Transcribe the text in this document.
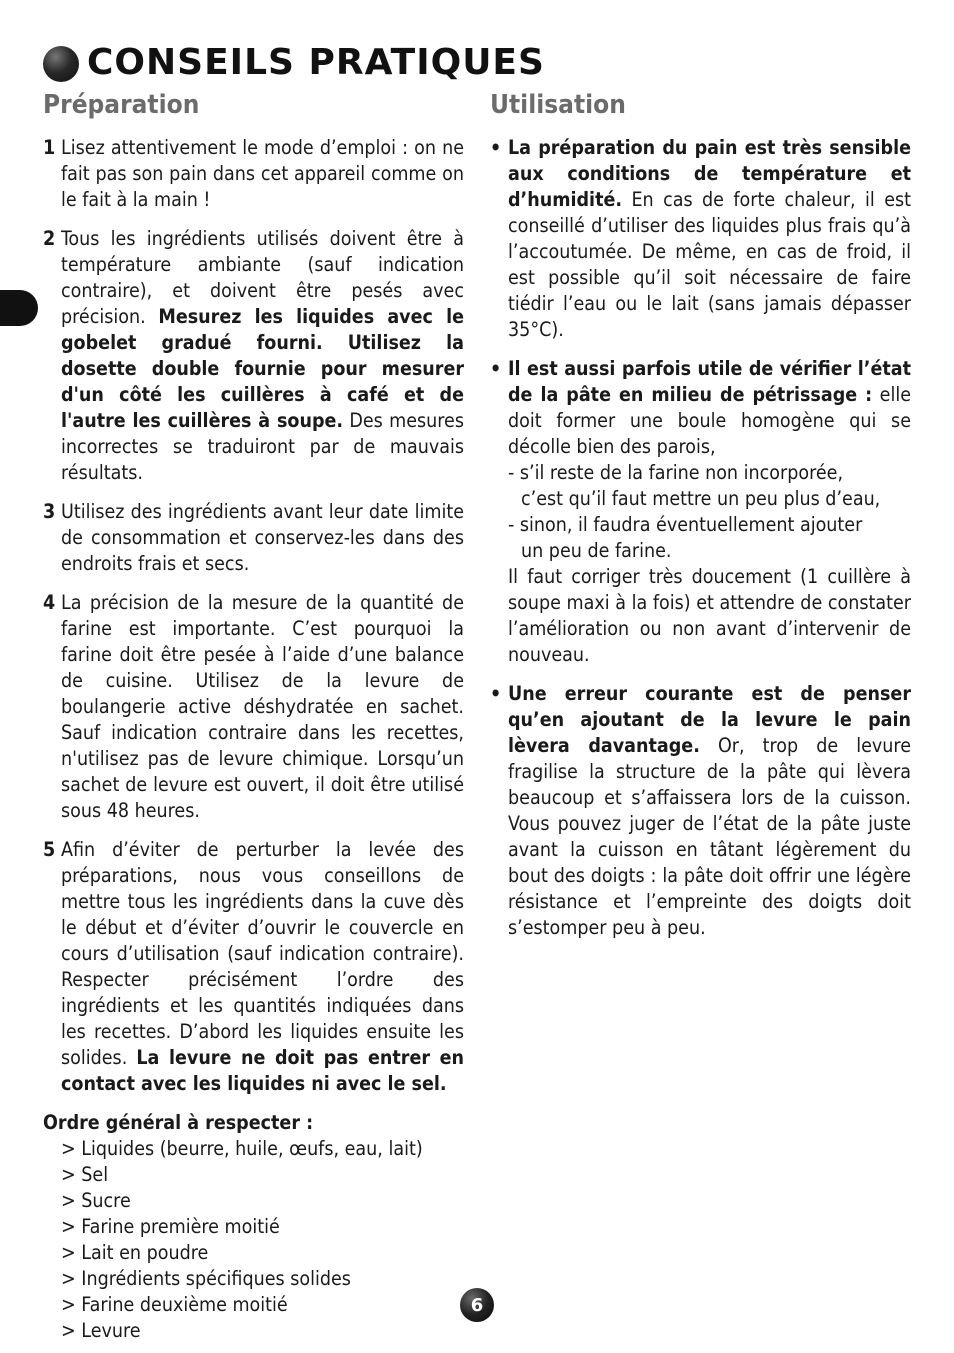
CONSEILS PRATIQUES
Préparation	Utilisation
1 Lisez attentivement le mode d’emploi : on ne fait pas son pain dans cet appareil comme on le fait à la main !
2 Tous les ingrédients utilisés doivent être à température ambiante (sauf indication contraire), et doivent être pesés avec précision. Mesurez les liquides avec le gobelet gradué fourni. Utilisez la dosette double fournie pour mesurer d'un côté les cuillères à café et de l'autre les cuillères à soupe. Des mesures incorrectes se traduiront par de mauvais résultats.
3 Utilisez des ingrédients avant leur date limite de consommation et conservez-les dans des endroits frais et secs.
4 La précision de la mesure de la quantité de farine est importante. C’est pourquoi la farine doit être pesée à l’aide d’une balance de cuisine. Utilisez de la levure de boulangerie active déshydratée en sachet. Sauf indication contraire dans les recettes, n'utilisez pas de levure chimique. Lorsqu’un sachet de levure est ouvert, il doit être utilisé sous 48 heures.
5 Afin d’éviter de perturber la levée des préparations, nous vous conseillons de mettre tous les ingrédients dans la cuve dès le début et d’éviter d’ouvrir le couvercle en cours d’utilisation (sauf indication contraire). Respecter précisément l’ordre des ingrédients et les quantités indiquées dans les recettes. D’abord les liquides ensuite les solides. La levure ne doit pas entrer en contact avec les liquides ni avec le sel.
Ordre général à respecter :
> Liquides (beurre, huile, œufs, eau, lait)
> Sel
> Sucre
> Farine première moitié
> Lait en poudre
> Ingrédients spécifiques solides
> Farine deuxième moitié
> Levure
• La préparation du pain est très sensible aux conditions de température et d’humidité. En cas de forte chaleur, il est conseillé d’utiliser des liquides plus frais qu’à l’accoutumée. De même, en cas de froid, il est possible qu’il soit nécessaire de faire tiédir l’eau ou le lait (sans jamais dépasser 35°C).
• Il est aussi parfois utile de vérifier l’état de la pâte en milieu de pétrissage : elle doit former une boule homogène qui se décolle bien des parois,
- s’il reste de la farine non incorporée,
c’est qu’il faut mettre un peu plus d’eau,
- sinon, il faudra éventuellement ajouter
un peu de farine.
Il faut corriger très doucement (1 cuillère à soupe maxi à la fois) et attendre de constater l’amélioration ou non avant d’intervenir de nouveau.
• Une erreur courante est de penser qu’en ajoutant de la levure le pain lèvera davantage. Or, trop de levure fragilise la structure de la pâte qui lèvera beaucoup et s’affaissera lors de la cuisson. Vous pouvez juger de l’état de la pâte juste avant la cuisson en tâtant légèrement du bout des doigts : la pâte doit offrir une légère résistance et l’empreinte des doigts doit s’estomper peu à peu.
6
